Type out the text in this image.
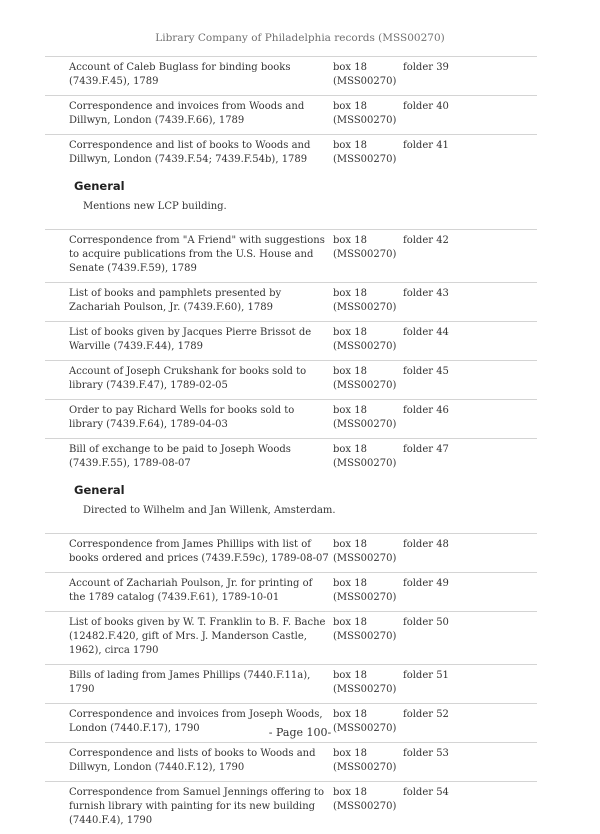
Library Company of Philadelphia records (MSS00270)
Account of Caleb Buglass for binding books (7439.F.45), 1789
box 18
(MSS00270)
folder 39
Correspondence and invoices from Woods and Dillwyn, London (7439.F.66), 1789
box 18
(MSS00270)
folder 40
Correspondence and list of books to Woods and Dillwyn, London (7439.F.54; 7439.F.54b), 1789
box 18
(MSS00270)
folder 41
General
Mentions new LCP building.
Correspondence from "A Friend" with suggestions to acquire publications from the U.S. House and Senate (7439.F.59), 1789
box 18
(MSS00270)
folder 42
List of books and pamphlets presented by Zachariah Poulson, Jr. (7439.F.60), 1789
box 18
(MSS00270)
folder 43
List of books given by Jacques Pierre Brissot de Warville (7439.F.44), 1789
box 18
(MSS00270)
folder 44
Account of Joseph Crukshank for books sold to library (7439.F.47), 1789-02-05
box 18
(MSS00270)
folder 45
Order to pay Richard Wells for books sold to library (7439.F.64), 1789-04-03
box 18
(MSS00270)
folder 46
Bill of exchange to be paid to Joseph Woods (7439.F.55), 1789-08-07
box 18
(MSS00270)
folder 47
General
Directed to Wilhelm and Jan Willenk, Amsterdam.
Correspondence from James Phillips with list of books ordered and prices (7439.F.59c), 1789-08-07
box 18
(MSS00270)
folder 48
Account of Zachariah Poulson, Jr. for printing of the 1789 catalog (7439.F.61), 1789-10-01
box 18
(MSS00270)
folder 49
List of books given by W. T. Franklin to B. F. Bache (12482.F.420, gift of Mrs. J. Manderson Castle, 1962), circa 1790
box 18
(MSS00270)
folder 50
Bills of lading from James Phillips (7440.F.11a), 1790
box 18
(MSS00270)
folder 51
Correspondence and invoices from Joseph Woods, London (7440.F.17), 1790
box 18
(MSS00270)
folder 52
Correspondence and lists of books to Woods and Dillwyn, London (7440.F.12), 1790
box 18
(MSS00270)
folder 53
Correspondence from Samuel Jennings offering to furnish library with painting for its new building (7440.F.4), 1790
box 18
(MSS00270)
folder 54
- Page 100-
